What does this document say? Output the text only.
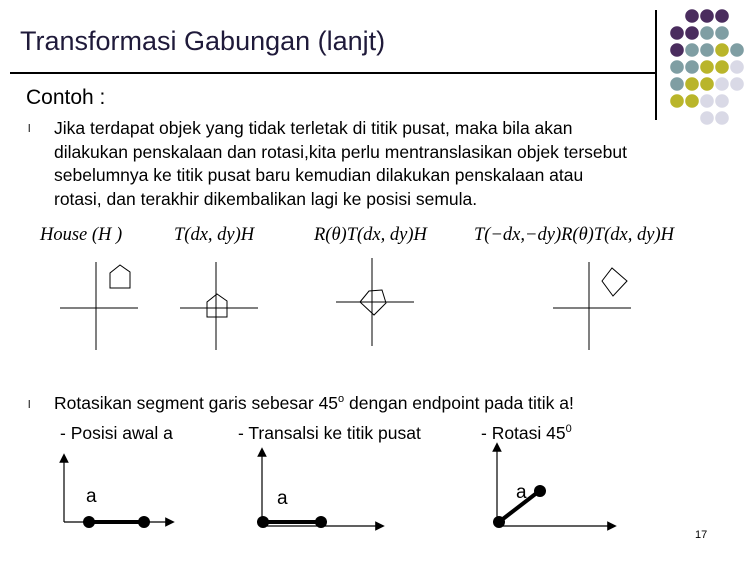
Transformasi Gabungan (lanjt)
Contoh :
l Jika terdapat objek yang tidak terletak di titik pusat, maka bila akan
dilakukan penskalaan dan rotasi,kita perlu mentranslasikan objek tersebut
sebelumnya ke titik pusat baru kemudian dilakukan penskalaan atau
rotasi, dan terakhir dikembalikan lagi ke posisi semula.
House (H )	T(dx, dy)H	R(θ)T(dx, dy)H	T(−dx,−dy)R(θ)T(dx, dy)H
l Rotasikan segment garis sebesar 45$^o$ dengan endpoint pada titik a!
- Posisi awal a	- Transalsi ke titik pusat	- Rotasi $45^0$
a	a	a
17
